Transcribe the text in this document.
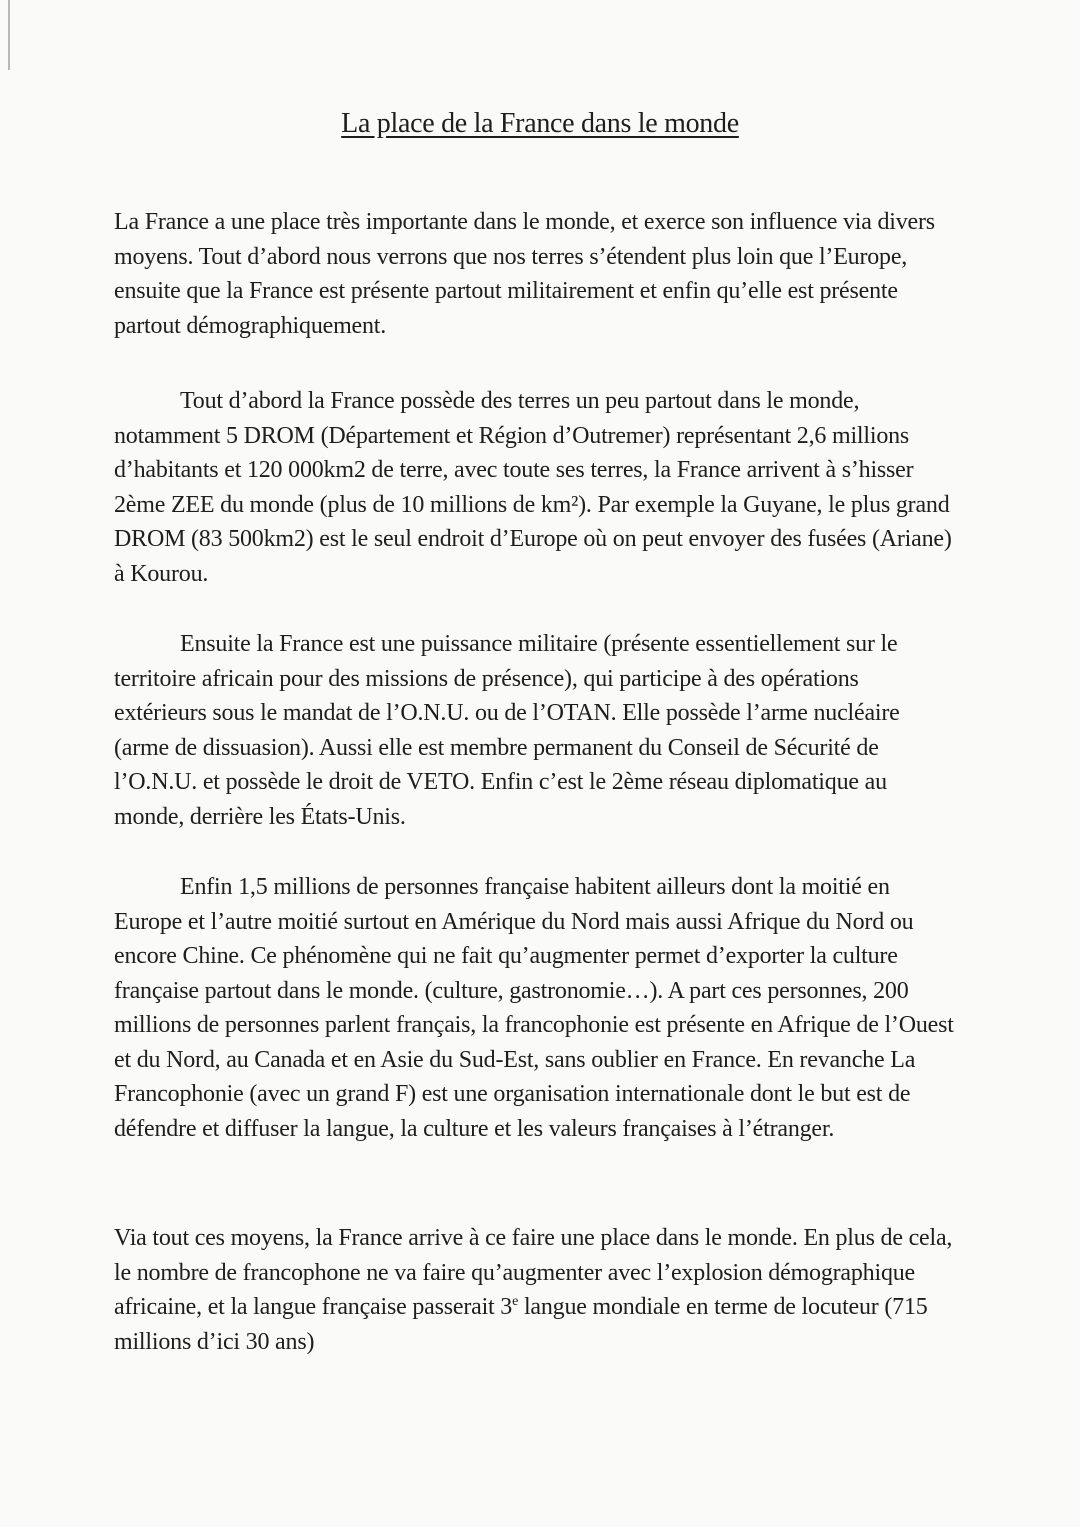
La place de la France dans le monde

La France a une place très importante dans le monde, et exerce son influence via divers moyens. Tout d’abord nous verrons que nos terres s’étendent plus loin que l’Europe, ensuite que la France est présente partout militairement et enfin qu’elle est présente partout démographiquement.

Tout d’abord la France possède des terres un peu partout dans le monde, notamment 5 DROM (Département et Région d’Outremer) représentant 2,6 millions d’habitants et 120 000km2 de terre, avec toute ses terres, la France arrivent à s’hisser 2ème ZEE du monde (plus de 10 millions de km²). Par exemple la Guyane, le plus grand DROM (83 500km2) est le seul endroit d’Europe où on peut envoyer des fusées (Ariane) à Kourou.

Ensuite la France est une puissance militaire (présente essentiellement sur le territoire africain pour des missions de présence), qui participe à des opérations extérieurs sous le mandat de l’O.N.U. ou de l’OTAN. Elle possède l’arme nucléaire (arme de dissuasion). Aussi elle est membre permanent du Conseil de Sécurité de l’O.N.U. et possède le droit de VETO. Enfin c’est le 2ème réseau diplomatique au monde, derrière les États-Unis.

Enfin 1,5 millions de personnes française habitent ailleurs dont la moitié en Europe et l’autre moitié surtout en Amérique du Nord mais aussi Afrique du Nord ou encore Chine. Ce phénomène qui ne fait qu’augmenter permet d’exporter la culture française partout dans le monde. (culture, gastronomie…). A part ces personnes, 200 millions de personnes parlent français, la francophonie est présente en Afrique de l’Ouest et du Nord, au Canada et en Asie du Sud-Est, sans oublier en France. En revanche La Francophonie (avec un grand F) est une organisation internationale dont le but est de défendre et diffuser la langue, la culture et les valeurs françaises à l’étranger.

Via tout ces moyens, la France arrive à ce faire une place dans le monde. En plus de cela, le nombre de francophone ne va faire qu’augmenter avec l’explosion démographique africaine, et la langue française passerait 3e langue mondiale en terme de locuteur (715 millions d’ici 30 ans)
